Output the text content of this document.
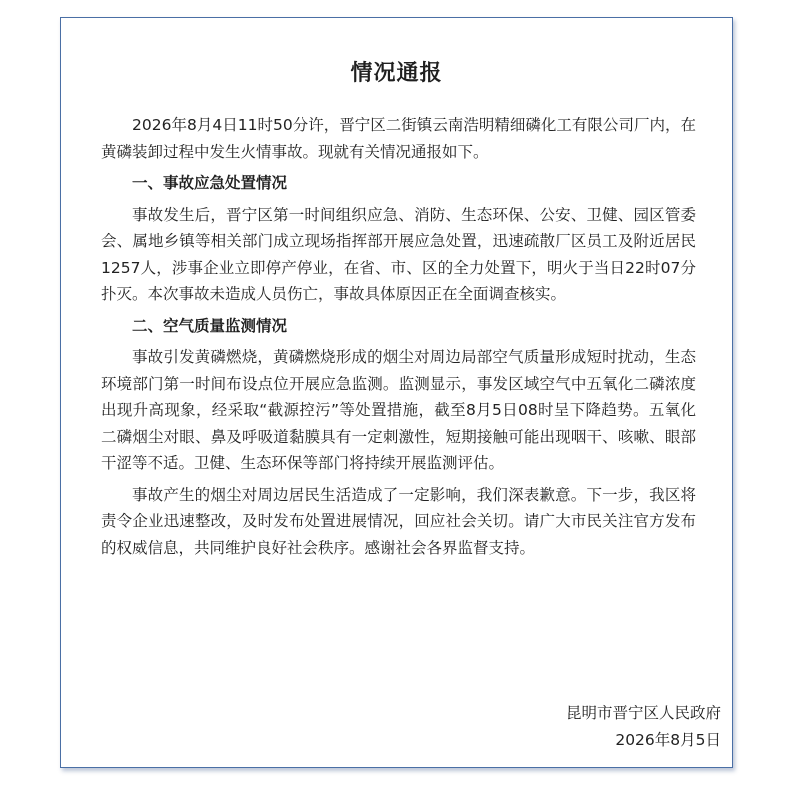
情况通报

2026年8月4日11时50分许，晋宁区二街镇云南浩明精细磷化工有限公司厂内，在黄磷装卸过程中发生火情事故。现就有关情况通报如下。

一、事故应急处置情况

事故发生后，晋宁区第一时间组织应急、消防、生态环保、公安、卫健、园区管委会、属地乡镇等相关部门成立现场指挥部开展应急处置，迅速疏散厂区员工及附近居民1257人，涉事企业立即停产停业，在省、市、区的全力处置下，明火于当日22时07分扑灭。本次事故未造成人员伤亡，事故具体原因正在全面调查核实。

二、空气质量监测情况

事故引发黄磷燃烧，黄磷燃烧形成的烟尘对周边局部空气质量形成短时扰动，生态环境部门第一时间布设点位开展应急监测。监测显示，事发区域空气中五氧化二磷浓度出现升高现象，经采取“截源控污”等处置措施，截至8月5日08时呈下降趋势。五氧化二磷烟尘对眼、鼻及呼吸道黏膜具有一定刺激性，短期接触可能出现咽干、咳嗽、眼部干涩等不适。卫健、生态环保等部门将持续开展监测评估。

事故产生的烟尘对周边居民生活造成了一定影响，我们深表歉意。下一步，我区将责令企业迅速整改，及时发布处置进展情况，回应社会关切。请广大市民关注官方发布的权威信息，共同维护良好社会秩序。感谢社会各界监督支持。

昆明市晋宁区人民政府
2026年8月5日
